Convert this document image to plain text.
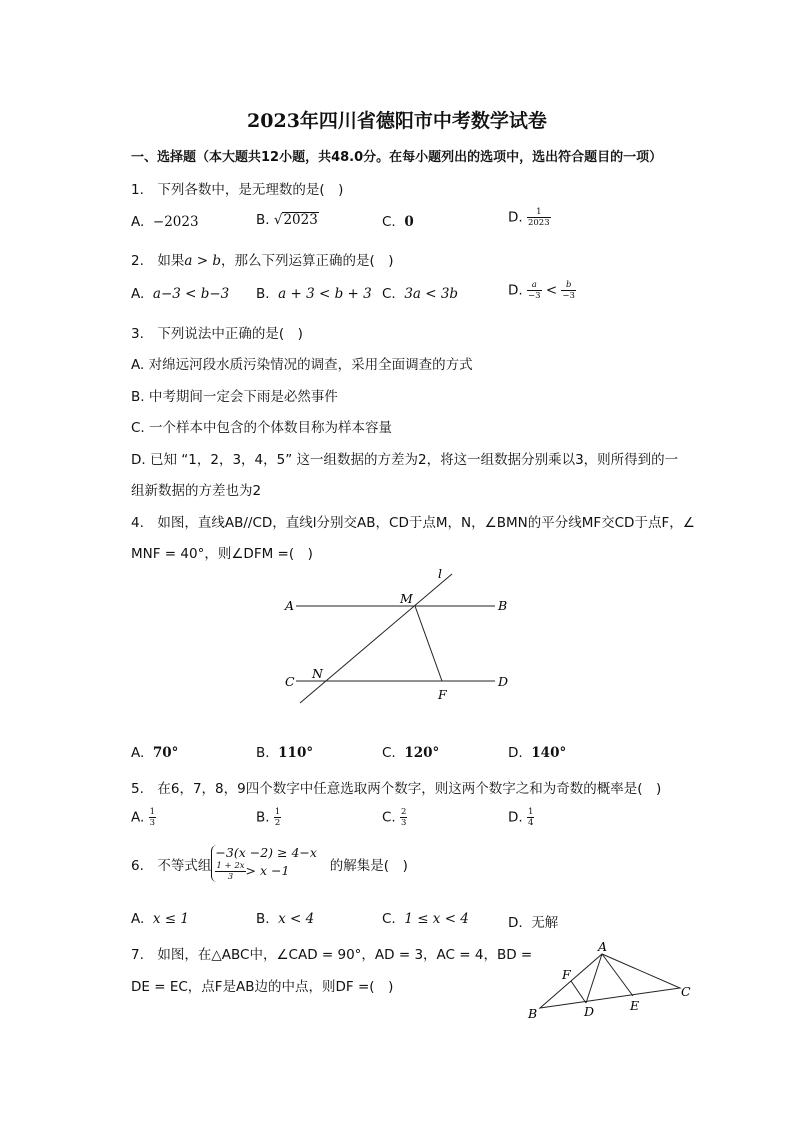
2023年四川省德阳市中考数学试卷
一、选择题（本大题共12小题，共48.0分。在每小题列出的选项中，选出符合题目的一项）
1.　下列各数中，是无理数的是(　)
A. −2023	B. √2023	C. 0	D. $\frac{1}{2023}$
2.　如果a > b，那么下列运算正确的是(　)
A. a−3 < b−3 B. a + 3 < b + 3 C. 3a < 3b	D. $\frac{a}{-3} < \frac{b}{-3}$
3.　下列说法中正确的是(　)
A. 对绵远河段水质污染情况的调查，采用全面调查的方式
B. 中考期间一定会下雨是必然事件
C. 一个样本中包含的个体数目称为样本容量
D. 已知 “1，2，3，4，5” 这一组数据的方差为2，将这一组数据分别乘以3，则所得到的一
组新数据的方差也为2
4.　如图，直线AB//CD，直线l分别交AB，CD于点M，N，∠BMN的平分线MF交CD于点F，∠
MNF = 40°，则∠DFM =(　)
l
A	M	B
C
N
F
D
A. 70°	B. 110°	C. 120°	D. 140°
5.　在6，7，8，9四个数字中任意选取两个数字，则这两个数字之和为奇数的概率是(　)
A. $\frac{1}{3}$	B. $\frac{1}{2}$	C. $\frac{2}{3}$	D. $\frac{1}{4}$
6.　不等式组
−3(x −2) ≥ 4−x
$\frac{1 + 2x}{3} > x -1$	的解集是(　)
A. x ≤ 1	B. x < 4	C. 1 ≤ x < 4	D. 无解
7.　如图，在△ABC中，∠CAD = 90°，AD = 3，AC = 4，BD =
DE = EC，点F是AB边的中点，则DF =(　)
A
F
B	D	E
C
